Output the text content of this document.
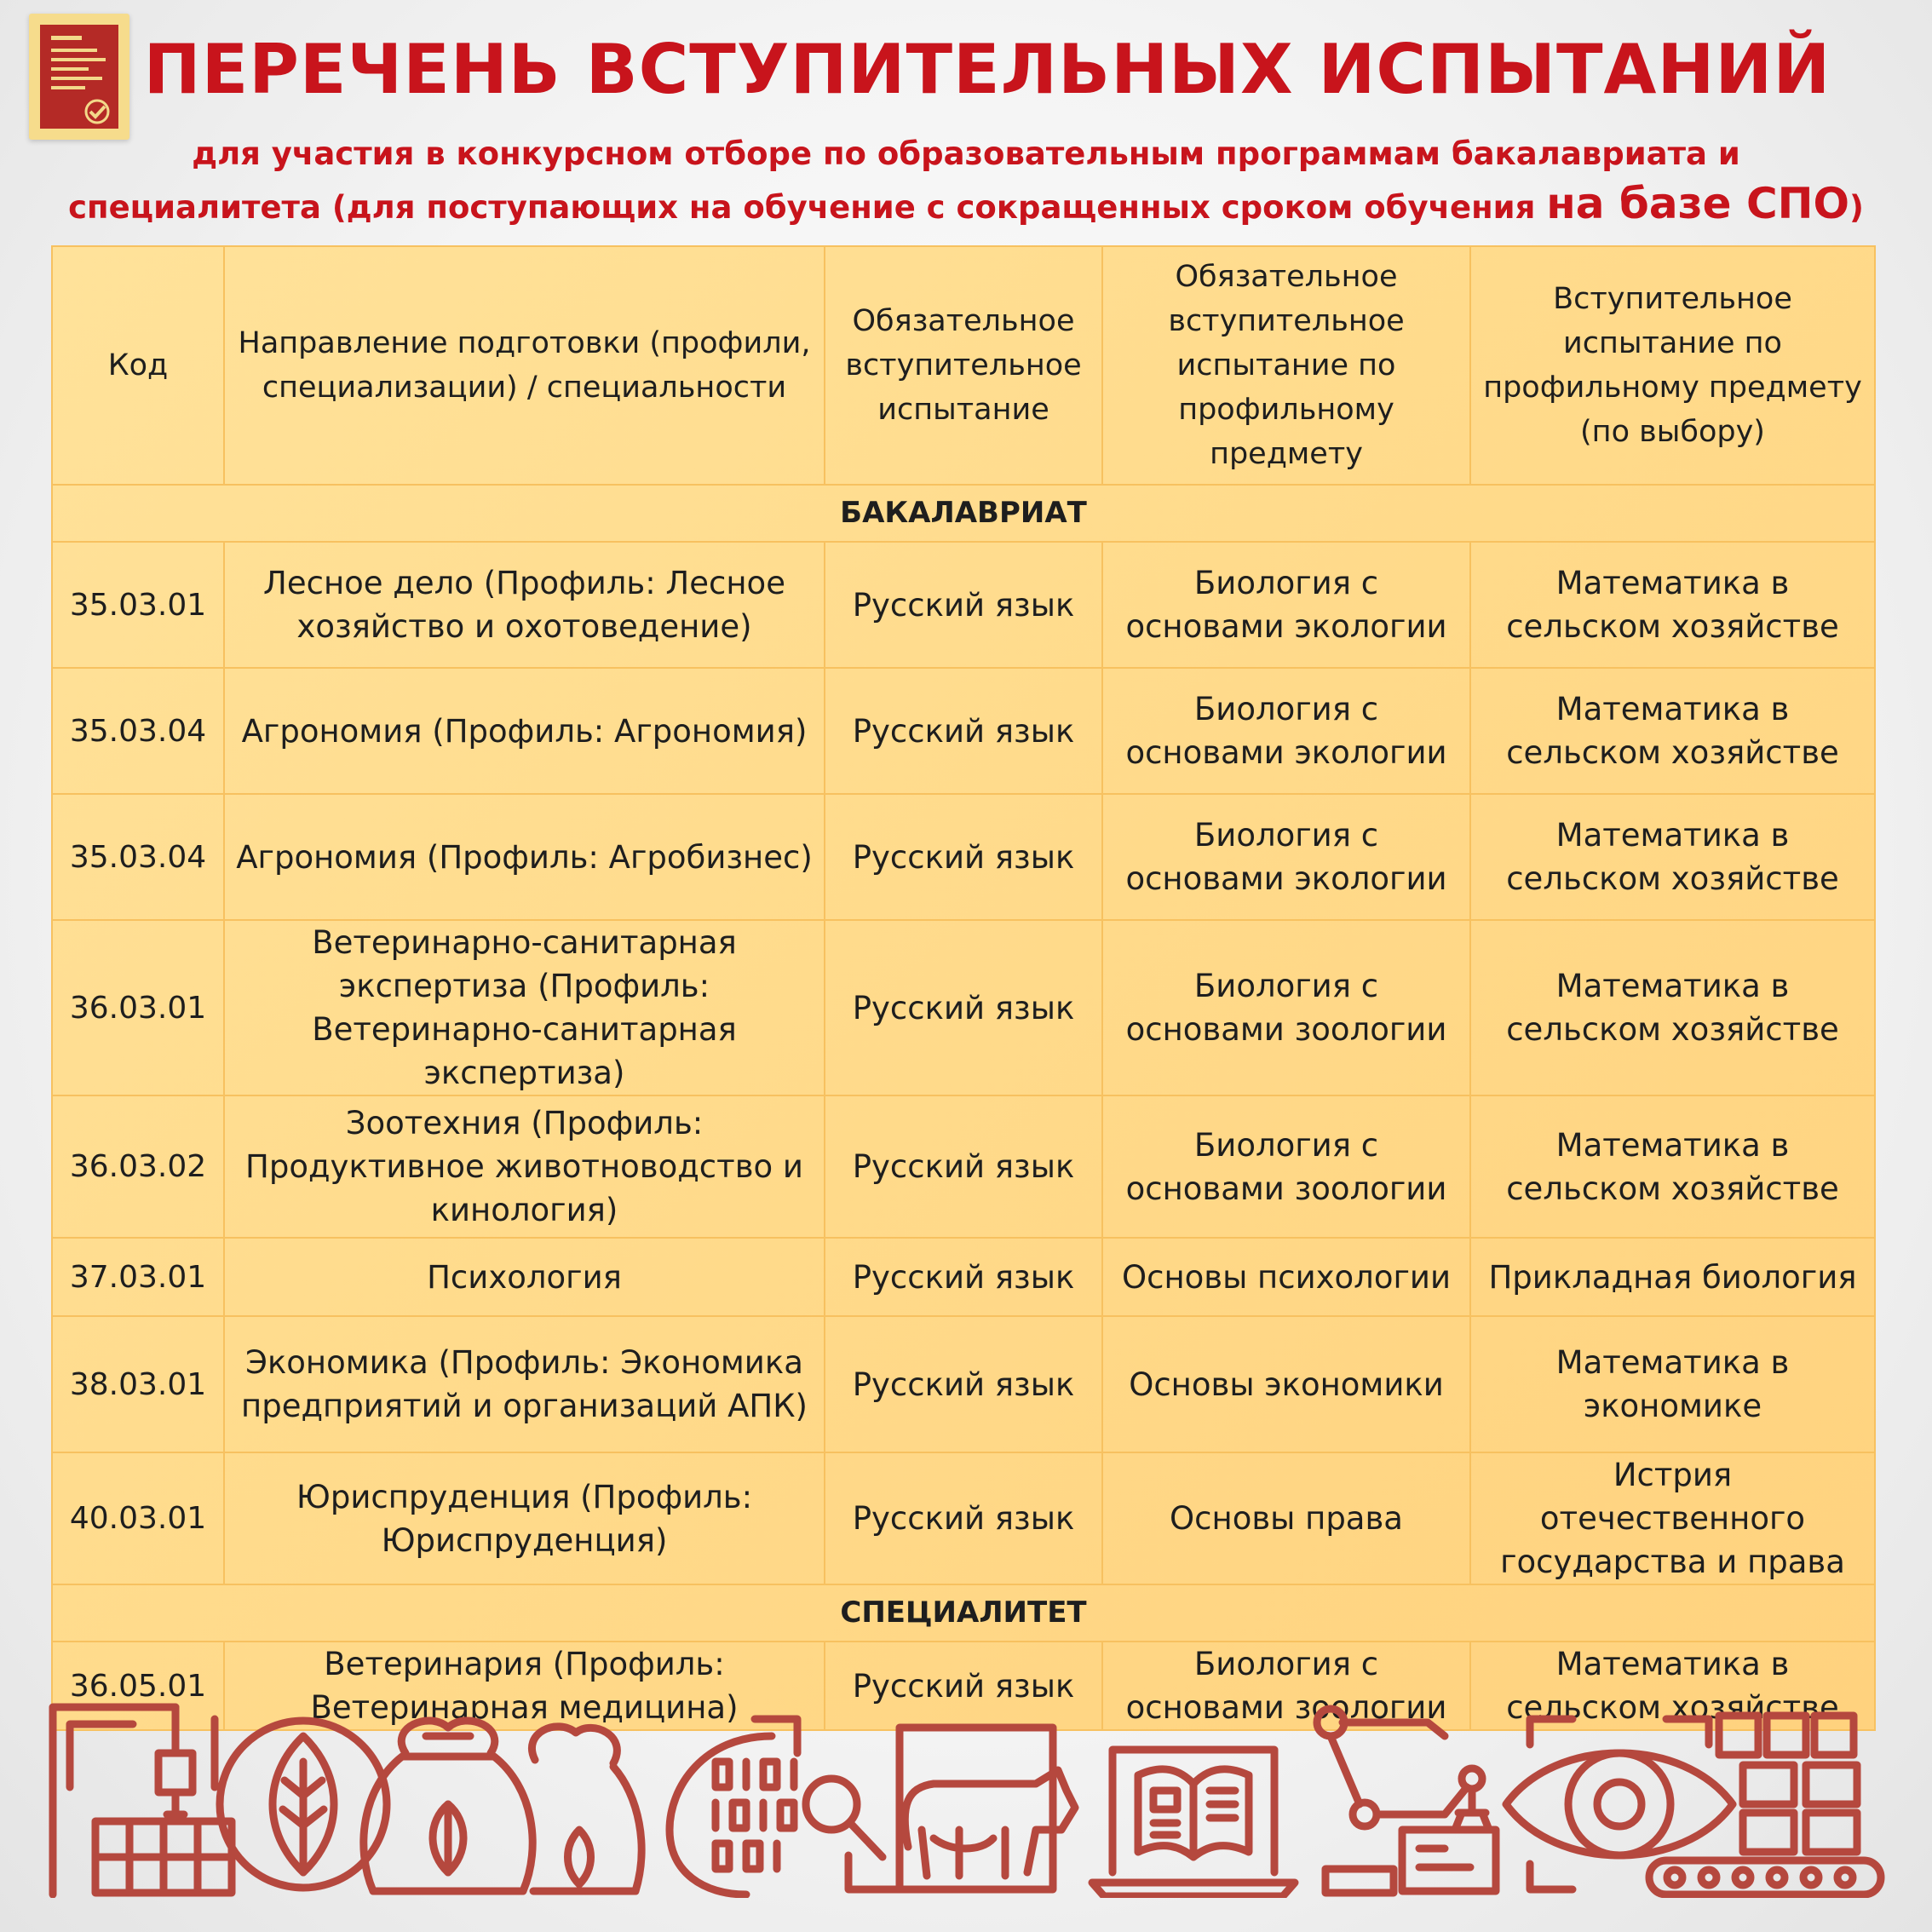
ПЕРЕЧЕНЬ ВСТУПИТЕЛЬНЫХ ИСПЫТАНИЙ

для участия в конкурсном отборе по образовательным программам бакалавриата и
специалитета (для поступающих на обучение с сокращенных сроком обучения на базе СПО)

Код	Направление подготовки (профили, специализации) / специальности	Обязательное вступительное испытание	Обязательное вступительное испытание по профильному предмету	Вступительное испытание по профильному предмету (по выбору)
БАКАЛАВРИАТ				
35.03.01	Лесное дело (Профиль: Лесное хозяйство и охотоведение)	Русский язык	Биология с основами экологии	Математика в сельском хозяйстве
35.03.04	Агрономия (Профиль: Агрономия)	Русский язык	Биология с основами экологии	Математика в сельском хозяйстве
35.03.04	Агрономия (Профиль: Агробизнес)	Русский язык	Биология с основами экологии	Математика в сельском хозяйстве
36.03.01	Ветеринарно-санитарная экспертиза (Профиль: Ветеринарно-санитарная экспертиза)	Русский язык	Биология с основами зоологии	Математика в сельском хозяйстве
36.03.02	Зоотехния (Профиль: Продуктивное животноводство и кинология)	Русский язык	Биология с основами зоологии	Математика в сельском хозяйстве
37.03.01	Психология	Русский язык	Основы психологии	Прикладная биология
38.03.01	Экономика (Профиль: Экономика предприятий и организаций АПК)	Русский язык	Основы экономики	Математика в экономике
40.03.01	Юриспруденция (Профиль: Юриспруденция)	Русский язык	Основы права	Истрия отечественного государства и права
СПЕЦИАЛИТЕТ				
36.05.01	Ветеринария (Профиль: Ветеринарная медицина)	Русский язык	Биология с основами зоологии	Математика в сельском хозяйстве
